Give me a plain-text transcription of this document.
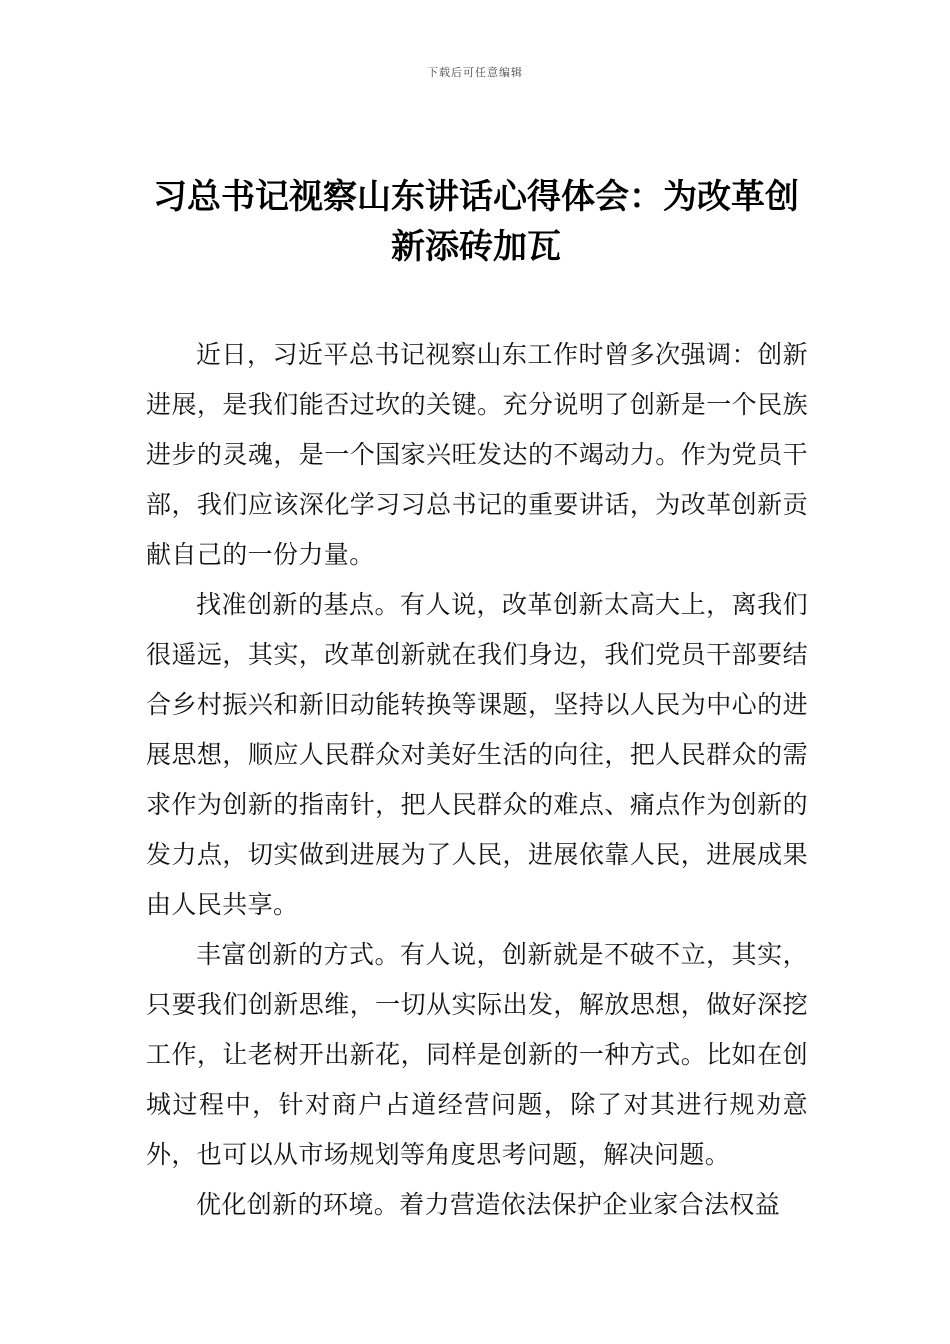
下载后可任意编辑
习总书记视察山东讲话心得体会：为改革创新添砖加瓦

近日，习近平总书记视察山东工作时曾多次强调：创新进展，是我们能否过坎的关键。充分说明了创新是一个民族进步的灵魂，是一个国家兴旺发达的不竭动力。作为党员干部，我们应该深化学习习总书记的重要讲话，为改革创新贡献自己的一份力量。

找准创新的基点。有人说，改革创新太高大上，离我们很遥远，其实，改革创新就在我们身边，我们党员干部要结合乡村振兴和新旧动能转换等课题，坚持以人民为中心的进展思想，顺应人民群众对美好生活的向往，把人民群众的需求作为创新的指南针，把人民群众的难点、痛点作为创新的发力点，切实做到进展为了人民，进展依靠人民，进展成果由人民共享。

丰富创新的方式。有人说，创新就是不破不立，其实，只要我们创新思维，一切从实际出发，解放思想，做好深挖工作，让老树开出新花，同样是创新的一种方式。比如在创城过程中，针对商户占道经营问题，除了对其进行规劝意外，也可以从市场规划等角度思考问题，解决问题。

优化创新的环境。着力营造依法保护企业家合法权益
